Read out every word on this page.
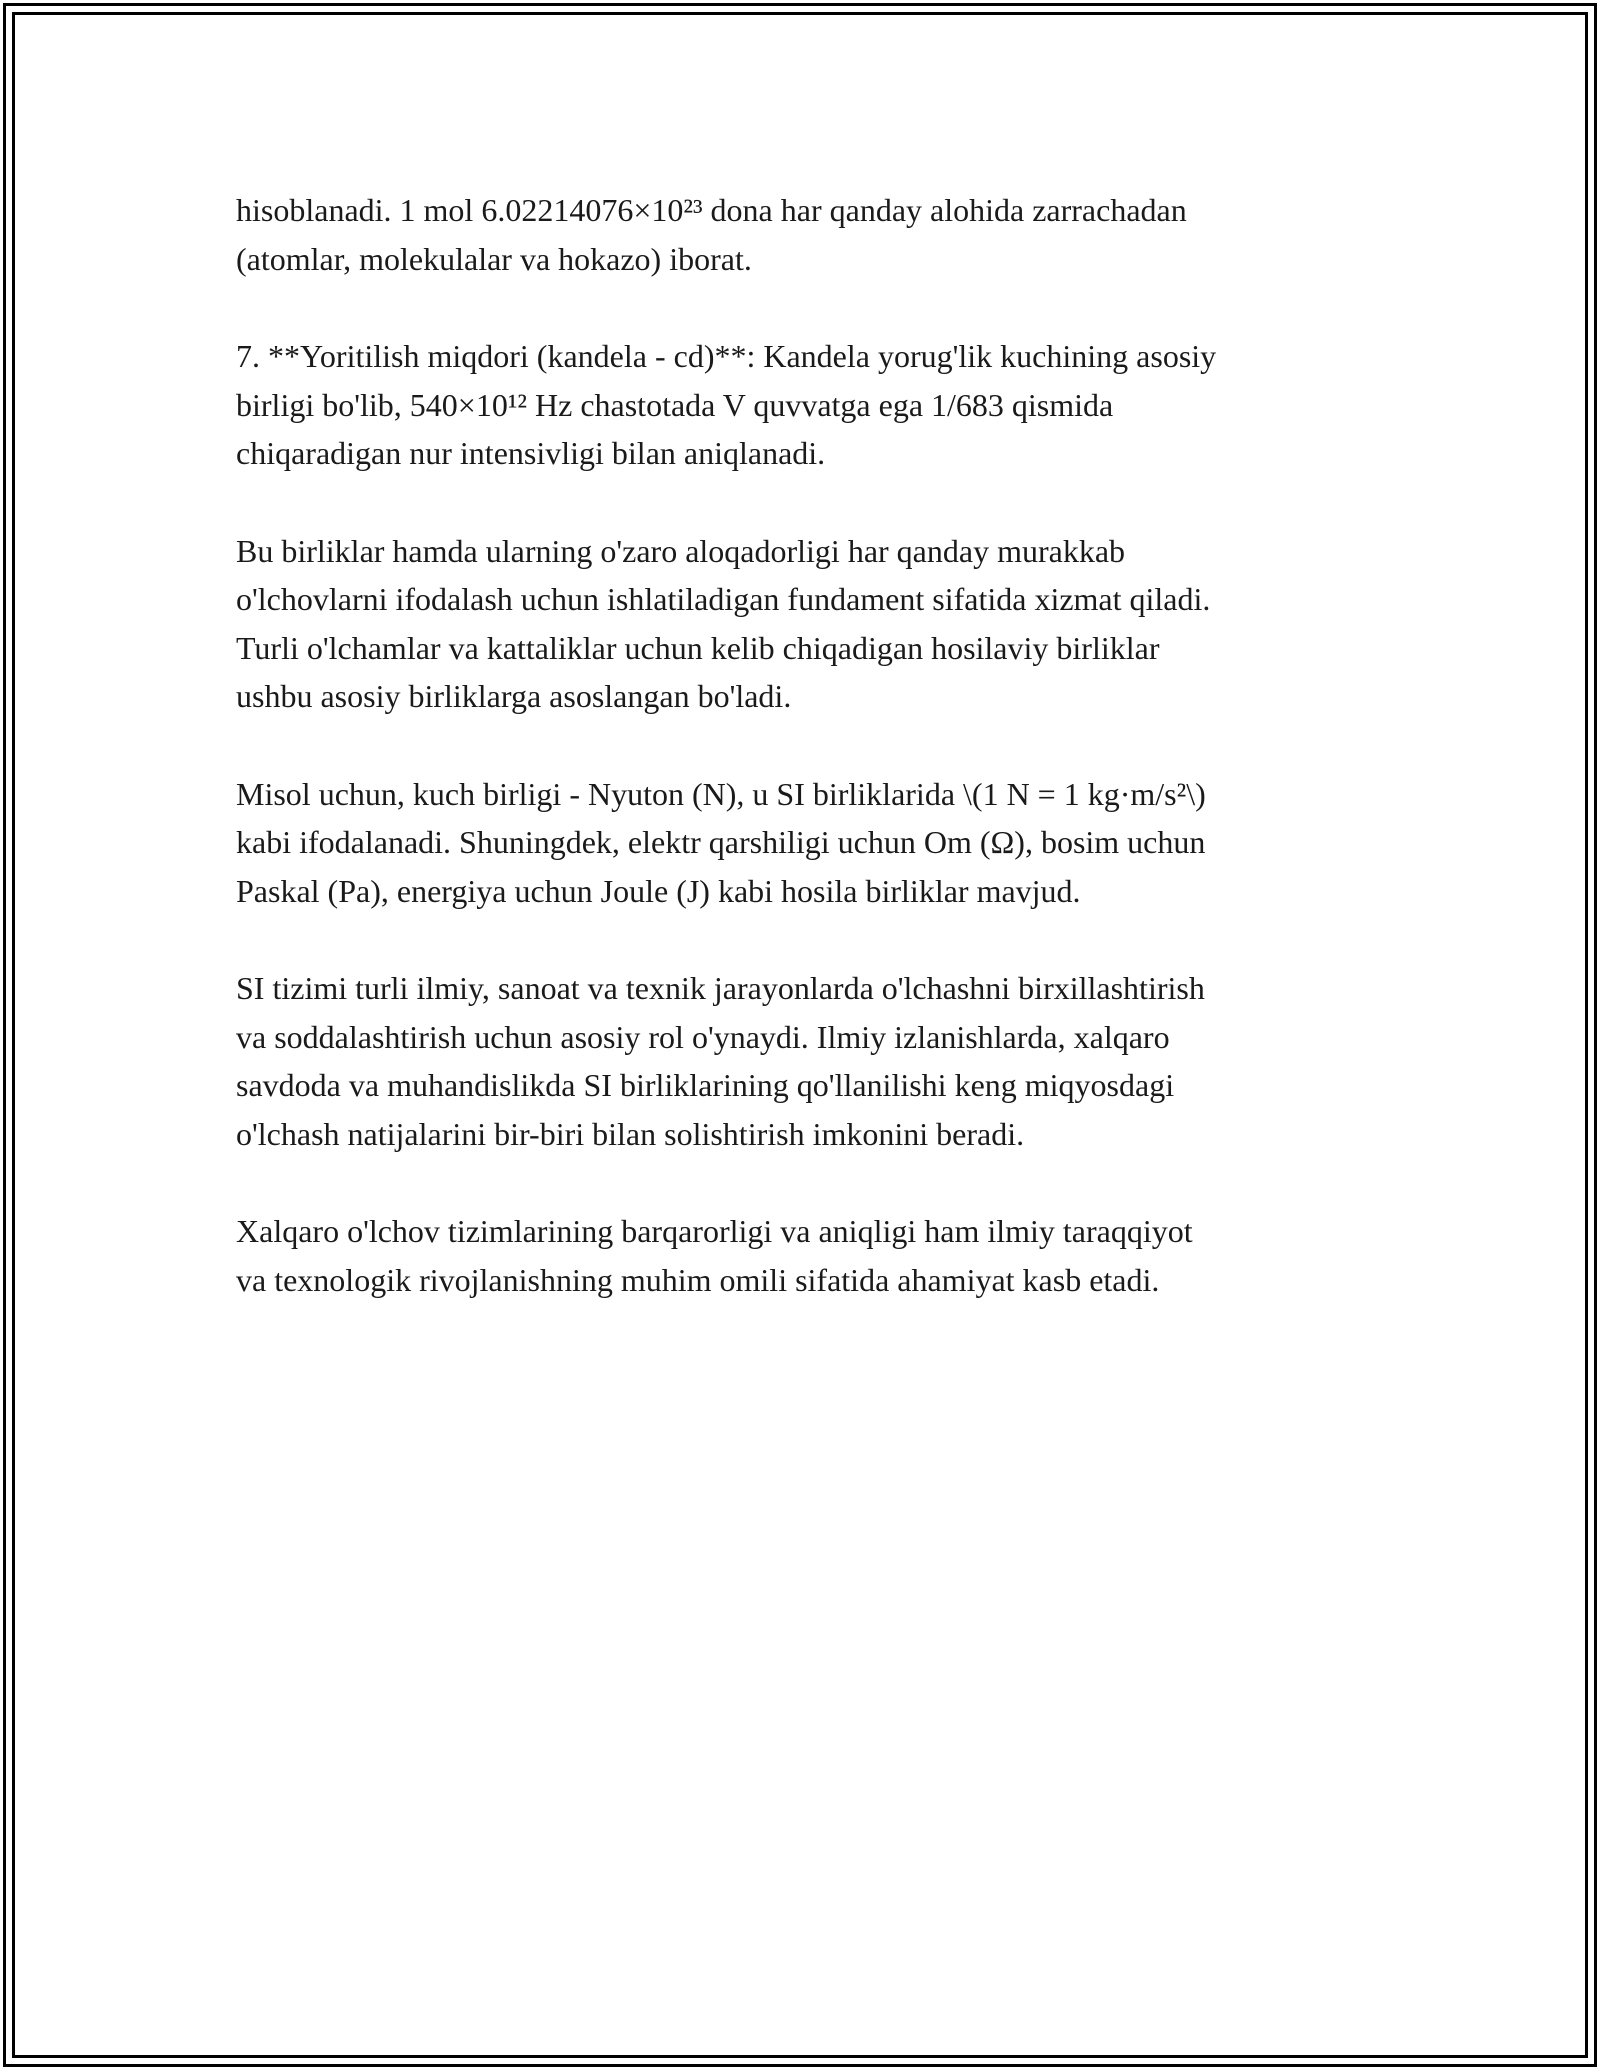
hisoblanadi. 1 mol 6.02214076×10²³ dona har qanday alohida zarrachadan
(atomlar, molekulalar va hokazo) iborat.

7. **Yoritilish miqdori (kandela - cd)**: Kandela yorug'lik kuchining asosiy
birligi bo'lib, 540×10¹² Hz chastotada V quvvatga ega 1/683 qismida
chiqaradigan nur intensivligi bilan aniqlanadi.

Bu birliklar hamda ularning o'zaro aloqadorligi har qanday murakkab
o'lchovlarni ifodalash uchun ishlatiladigan fundament sifatida xizmat qiladi.
Turli o'lchamlar va kattaliklar uchun kelib chiqadigan hosilaviy birliklar
ushbu asosiy birliklarga asoslangan bo'ladi.

Misol uchun, kuch birligi - Nyuton (N), u SI birliklarida \(1 N = 1 kg·m/s²\)
kabi ifodalanadi. Shuningdek, elektr qarshiligi uchun Om (Ω), bosim uchun
Paskal (Pa), energiya uchun Joule (J) kabi hosila birliklar mavjud.

SI tizimi turli ilmiy, sanoat va texnik jarayonlarda o'lchashni birxillashtirish
va soddalashtirish uchun asosiy rol o'ynaydi. Ilmiy izlanishlarda, xalqaro
savdoda va muhandislikda SI birliklarining qo'llanilishi keng miqyosdagi
o'lchash natijalarini bir-biri bilan solishtirish imkonini beradi.

Xalqaro o'lchov tizimlarining barqarorligi va aniqligi ham ilmiy taraqqiyot
va texnologik rivojlanishning muhim omili sifatida ahamiyat kasb etadi.
